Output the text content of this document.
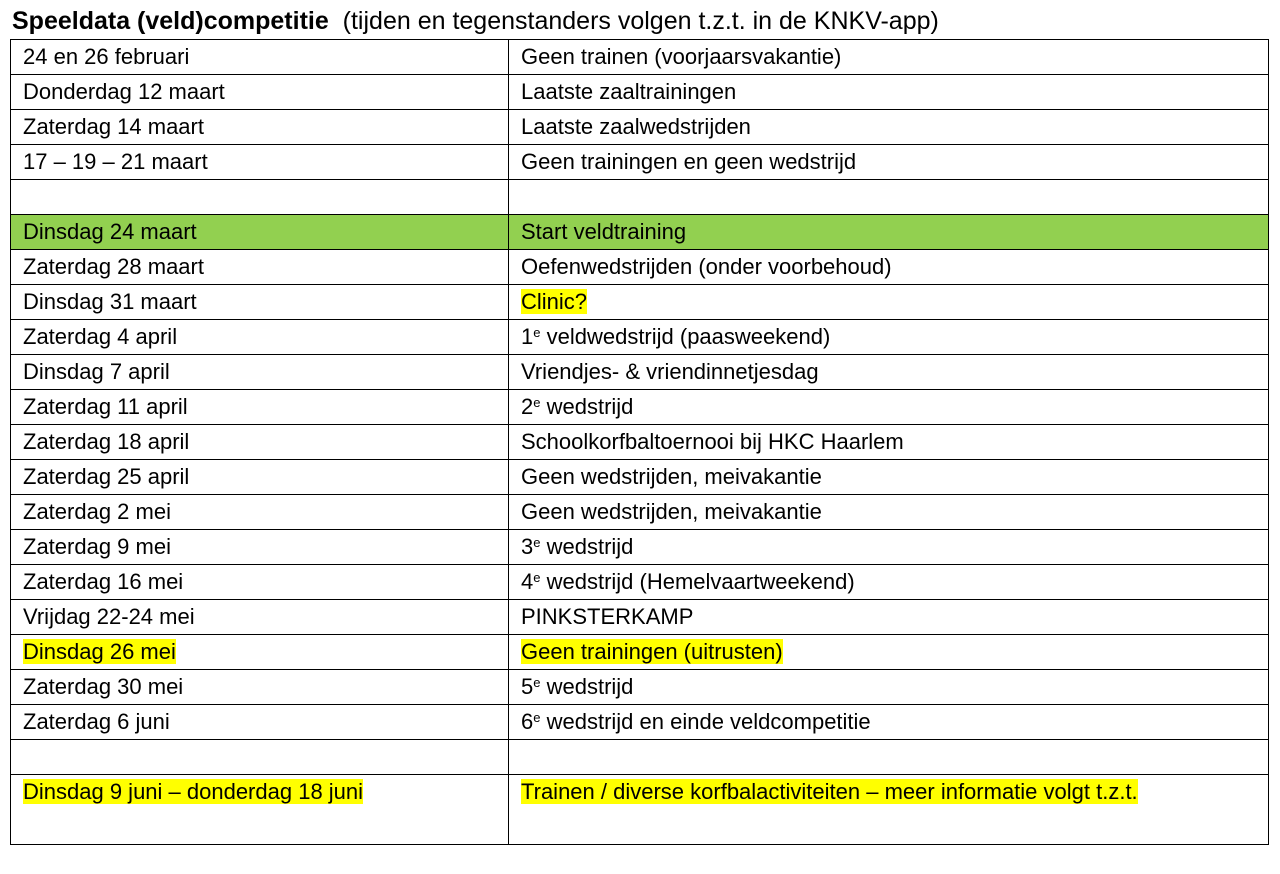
Speeldata (veld)competitie (tijden en tegenstanders volgen t.z.t. in de KNKV-app)
24 en 26 februari	Geen trainen (voorjaarsvakantie)
Donderdag 12 maart	Laatste zaaltrainingen
Zaterdag 14 maart	Laatste zaalwedstrijden
17 – 19 – 21 maart	Geen trainingen en geen wedstrijd

Dinsdag 24 maart	Start veldtraining
Zaterdag 28 maart	Oefenwedstrijden (onder voorbehoud)
Dinsdag 31 maart	Clinic?
Zaterdag 4 april	1e veldwedstrijd (paasweekend)
Dinsdag 7 april	Vriendjes- & vriendinnetjesdag
Zaterdag 11 april	2e wedstrijd
Zaterdag 18 april	Schoolkorfbaltoernooi bij HKC Haarlem
Zaterdag 25 april	Geen wedstrijden, meivakantie
Zaterdag 2 mei	Geen wedstrijden, meivakantie
Zaterdag 9 mei	3e wedstrijd
Zaterdag 16 mei	4e wedstrijd (Hemelvaartweekend)
Vrijdag 22-24 mei	PINKSTERKAMP
Dinsdag 26 mei	Geen trainingen (uitrusten)
Zaterdag 30 mei	5e wedstrijd
Zaterdag 6 juni	6e wedstrijd en einde veldcompetitie

Dinsdag 9 juni – donderdag 18 juni	Trainen / diverse korfbalactiviteiten – meer informatie volgt t.z.t.
